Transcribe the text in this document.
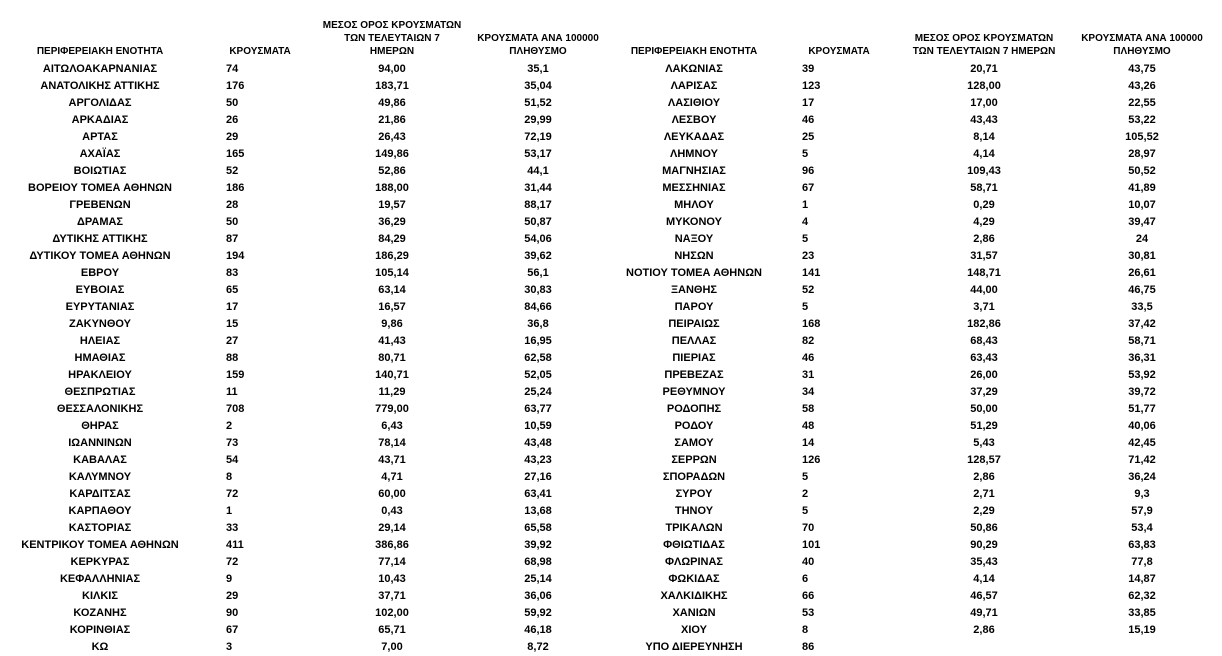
ΠΕΡΙΦΕΡΕΙΑΚΗ ΕΝΟΤΗΤΑ	ΚΡΟΥΣΜΑΤΑ	ΜΕΣΟΣ ΟΡΟΣ ΚΡΟΥΣΜΑΤΩΝ ΤΩΝ ΤΕΛΕΥΤΑΙΩΝ 7 ΗΜΕΡΩΝ	ΚΡΟΥΣΜΑΤΑ ΑΝΑ 100000 ΠΛΗΘΥΣΜΟ
ΑΙΤΩΛΟΑΚΑΡΝΑΝΙΑΣ	74	94,00	35,1
ΑΝΑΤΟΛΙΚΗΣ ΑΤΤΙΚΗΣ	176	183,71	35,04
ΑΡΓΟΛΙΔΑΣ	50	49,86	51,52
ΑΡΚΑΔΙΑΣ	26	21,86	29,99
ΑΡΤΑΣ	29	26,43	72,19
ΑΧΑΪΑΣ	165	149,86	53,17
ΒΟΙΩΤΙΑΣ	52	52,86	44,1
ΒΟΡΕΙΟΥ ΤΟΜΕΑ ΑΘΗΝΩΝ	186	188,00	31,44
ΓΡΕΒΕΝΩΝ	28	19,57	88,17
ΔΡΑΜΑΣ	50	36,29	50,87
ΔΥΤΙΚΗΣ ΑΤΤΙΚΗΣ	87	84,29	54,06
ΔΥΤΙΚΟΥ ΤΟΜΕΑ ΑΘΗΝΩΝ	194	186,29	39,62
ΕΒΡΟΥ	83	105,14	56,1
ΕΥΒΟΙΑΣ	65	63,14	30,83
ΕΥΡΥΤΑΝΙΑΣ	17	16,57	84,66
ΖΑΚΥΝΘΟΥ	15	9,86	36,8
ΗΛΕΙΑΣ	27	41,43	16,95
ΗΜΑΘΙΑΣ	88	80,71	62,58
ΗΡΑΚΛΕΙΟΥ	159	140,71	52,05
ΘΕΣΠΡΩΤΙΑΣ	11	11,29	25,24
ΘΕΣΣΑΛΟΝΙΚΗΣ	708	779,00	63,77
ΘΗΡΑΣ	2	6,43	10,59
ΙΩΑΝΝΙΝΩΝ	73	78,14	43,48
ΚΑΒΑΛΑΣ	54	43,71	43,23
ΚΑΛΥΜΝΟΥ	8	4,71	27,16
ΚΑΡΔΙΤΣΑΣ	72	60,00	63,41
ΚΑΡΠΑΘΟΥ	1	0,43	13,68
ΚΑΣΤΟΡΙΑΣ	33	29,14	65,58
ΚΕΝΤΡΙΚΟΥ ΤΟΜΕΑ ΑΘΗΝΩΝ	411	386,86	39,92
ΚΕΡΚΥΡΑΣ	72	77,14	68,98
ΚΕΦΑΛΛΗΝΙΑΣ	9	10,43	25,14
ΚΙΛΚΙΣ	29	37,71	36,06
ΚΟΖΑΝΗΣ	90	102,00	59,92
ΚΟΡΙΝΘΙΑΣ	67	65,71	46,18
ΚΩ	3	7,00	8,72
ΠΕΡΙΦΕΡΕΙΑΚΗ ΕΝΟΤΗΤΑ	ΚΡΟΥΣΜΑΤΑ	ΜΕΣΟΣ ΟΡΟΣ ΚΡΟΥΣΜΑΤΩΝ ΤΩΝ ΤΕΛΕΥΤΑΙΩΝ 7 ΗΜΕΡΩΝ	ΚΡΟΥΣΜΑΤΑ ΑΝΑ 100000 ΠΛΗΘΥΣΜΟ
ΛΑΚΩΝΙΑΣ	39	20,71	43,75
ΛΑΡΙΣΑΣ	123	128,00	43,26
ΛΑΣΙΘΙΟΥ	17	17,00	22,55
ΛΕΣΒΟΥ	46	43,43	53,22
ΛΕΥΚΑΔΑΣ	25	8,14	105,52
ΛΗΜΝΟΥ	5	4,14	28,97
ΜΑΓΝΗΣΙΑΣ	96	109,43	50,52
ΜΕΣΣΗΝΙΑΣ	67	58,71	41,89
ΜΗΛΟΥ	1	0,29	10,07
ΜΥΚΟΝΟΥ	4	4,29	39,47
ΝΑΞΟΥ	5	2,86	24
ΝΗΣΩΝ	23	31,57	30,81
ΝΟΤΙΟΥ ΤΟΜΕΑ ΑΘΗΝΩΝ	141	148,71	26,61
ΞΑΝΘΗΣ	52	44,00	46,75
ΠΑΡΟΥ	5	3,71	33,5
ΠΕΙΡΑΙΩΣ	168	182,86	37,42
ΠΕΛΛΑΣ	82	68,43	58,71
ΠΙΕΡΙΑΣ	46	63,43	36,31
ΠΡΕΒΕΖΑΣ	31	26,00	53,92
ΡΕΘΥΜΝΟΥ	34	37,29	39,72
ΡΟΔΟΠΗΣ	58	50,00	51,77
ΡΟΔΟΥ	48	51,29	40,06
ΣΑΜΟΥ	14	5,43	42,45
ΣΕΡΡΩΝ	126	128,57	71,42
ΣΠΟΡΑΔΩΝ	5	2,86	36,24
ΣΥΡΟΥ	2	2,71	9,3
ΤΗΝΟΥ	5	2,29	57,9
ΤΡΙΚΑΛΩΝ	70	50,86	53,4
ΦΘΙΩΤΙΔΑΣ	101	90,29	63,83
ΦΛΩΡΙΝΑΣ	40	35,43	77,8
ΦΩΚΙΔΑΣ	6	4,14	14,87
ΧΑΛΚΙΔΙΚΗΣ	66	46,57	62,32
ΧΑΝΙΩΝ	53	49,71	33,85
ΧΙΟΥ	8	2,86	15,19
ΥΠΟ ΔΙΕΡΕΥΝΗΣΗ	86		
